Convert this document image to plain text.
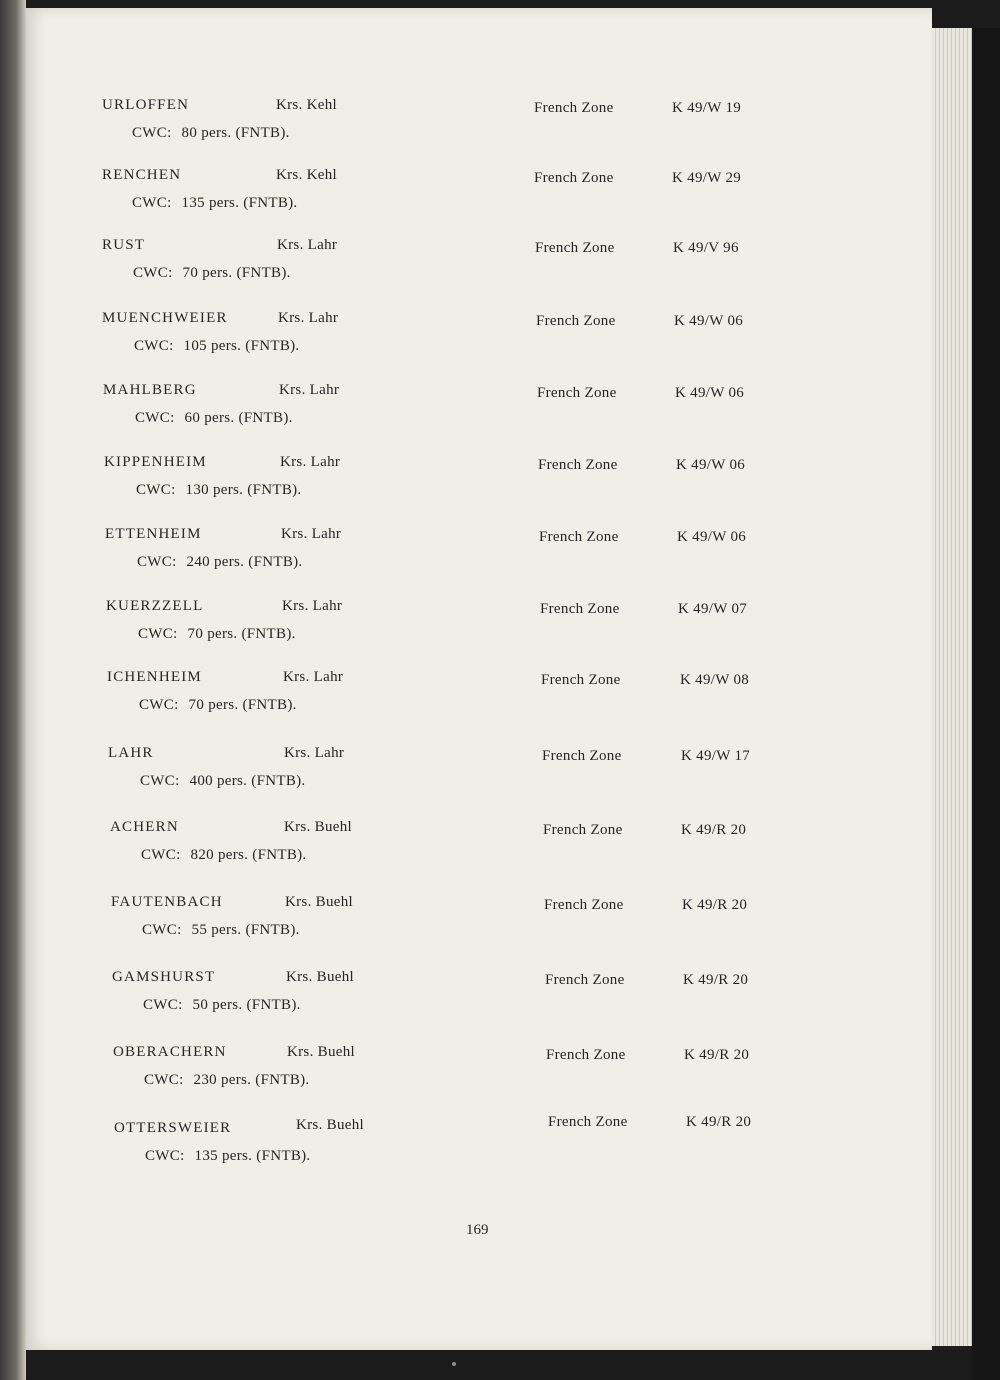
URLOFFEN	Krs. Kehl	French Zone	K 49/W 19
CWC: 80 pers. (FNTB).
RENCHEN	Krs. Kehl	French Zone	K 49/W 29
CWC: 135 pers. (FNTB).
RUST	Krs. Lahr	French Zone	K 49/V 96
CWC: 70 pers. (FNTB).
MUENCHWEIER	Krs. Lahr	French Zone	K 49/W 06
CWC: 105 pers. (FNTB).
MAHLBERG	Krs. Lahr	French Zone	K 49/W 06
CWC: 60 pers. (FNTB).
KIPPENHEIM	Krs. Lahr	French Zone	K 49/W 06
CWC: 130 pers. (FNTB).
ETTENHEIM	Krs. Lahr	French Zone	K 49/W 06
CWC: 240 pers. (FNTB).
KUERZZELL	Krs. Lahr	French Zone	K 49/W 07
CWC: 70 pers. (FNTB).
ICHENHEIM	Krs. Lahr	French Zone	K 49/W 08
CWC: 70 pers. (FNTB).
LAHR	Krs. Lahr	French Zone	K 49/W 17
CWC: 400 pers. (FNTB).
ACHERN	Krs. Buehl	French Zone	K 49/R 20
CWC: 820 pers. (FNTB).
FAUTENBACH	Krs. Buehl	French Zone	K 49/R 20
CWC: 55 pers. (FNTB).
GAMSHURST	Krs. Buehl	French Zone	K 49/R 20
CWC: 50 pers. (FNTB).
OBERACHERN	Krs. Buehl	French Zone	K 49/R 20
CWC: 230 pers. (FNTB).
OTTERSWEIER	Krs. Buehl	French Zone	K 49/R 20
CWC: 135 pers. (FNTB).
169
